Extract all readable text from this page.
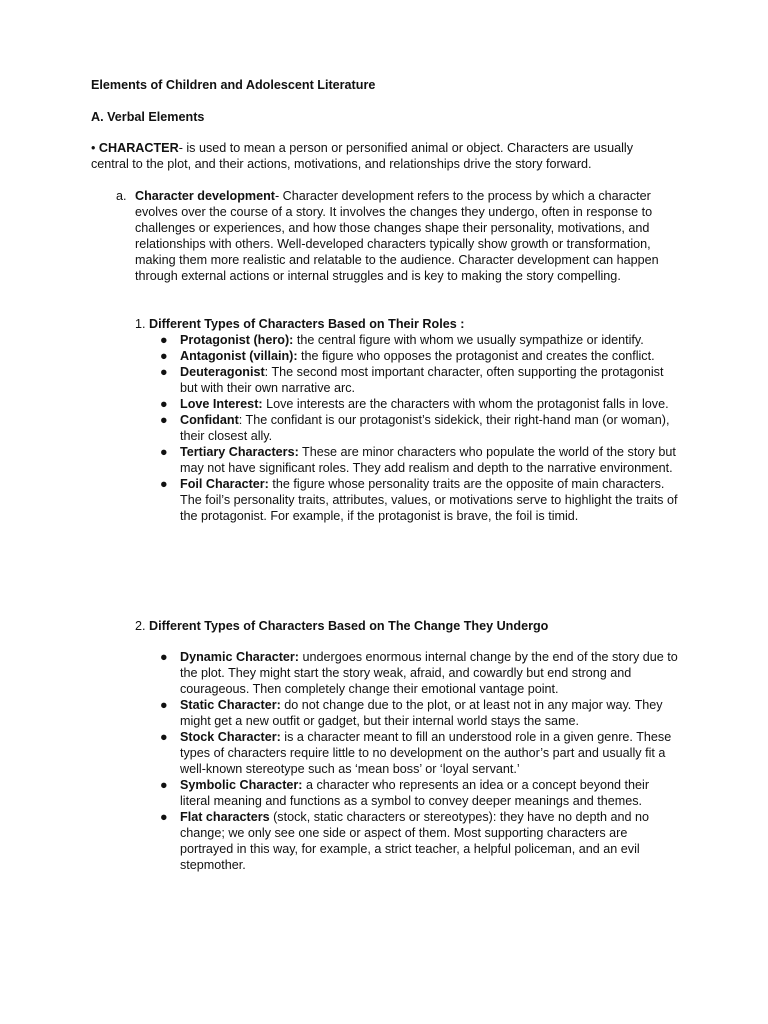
Elements of Children and Adolescent Literature
A. Verbal Elements
• CHARACTER- is used to mean a person or personified animal or object. Characters are usually central to the plot, and their actions, motivations, and relationships drive the story forward.
a. Character development- Character development refers to the process by which a character evolves over the course of a story. It involves the changes they undergo, often in response to challenges or experiences, and how those changes shape their personality, motivations, and relationships with others. Well-developed characters typically show growth or transformation, making them more realistic and relatable to the audience. Character development can happen through external actions or internal struggles and is key to making the story compelling.
1. Different Types of Characters Based on Their Roles :
● Protagonist (hero): the central figure with whom we usually sympathize or identify.
● Antagonist (villain): the figure who opposes the protagonist and creates the conflict.
● Deuteragonist: The second most important character, often supporting the protagonist but with their own narrative arc.
● Love Interest: Love interests are the characters with whom the protagonist falls in love.
● Confidant: The confidant is our protagonist’s sidekick, their right-hand man (or woman), their closest ally.
● Tertiary Characters: These are minor characters who populate the world of the story but may not have significant roles. They add realism and depth to the narrative environment.
● Foil Character: the figure whose personality traits are the opposite of main characters. The foil’s personality traits, attributes, values, or motivations serve to highlight the traits of the protagonist. For example, if the protagonist is brave, the foil is timid.
2. Different Types of Characters Based on The Change They Undergo
● Dynamic Character: undergoes enormous internal change by the end of the story due to the plot. They might start the story weak, afraid, and cowardly but end strong and courageous. Then completely change their emotional vantage point.
● Static Character: do not change due to the plot, or at least not in any major way. They might get a new outfit or gadget, but their internal world stays the same.
● Stock Character: is a character meant to fill an understood role in a given genre. These types of characters require little to no development on the author’s part and usually fit a well-known stereotype such as ‘mean boss’ or ‘loyal servant.’
● Symbolic Character: a character who represents an idea or a concept beyond their literal meaning and functions as a symbol to convey deeper meanings and themes.
● Flat characters (stock, static characters or stereotypes): they have no depth and no change; we only see one side or aspect of them. Most supporting characters are portrayed in this way, for example, a strict teacher, a helpful policeman, and an evil stepmother.
